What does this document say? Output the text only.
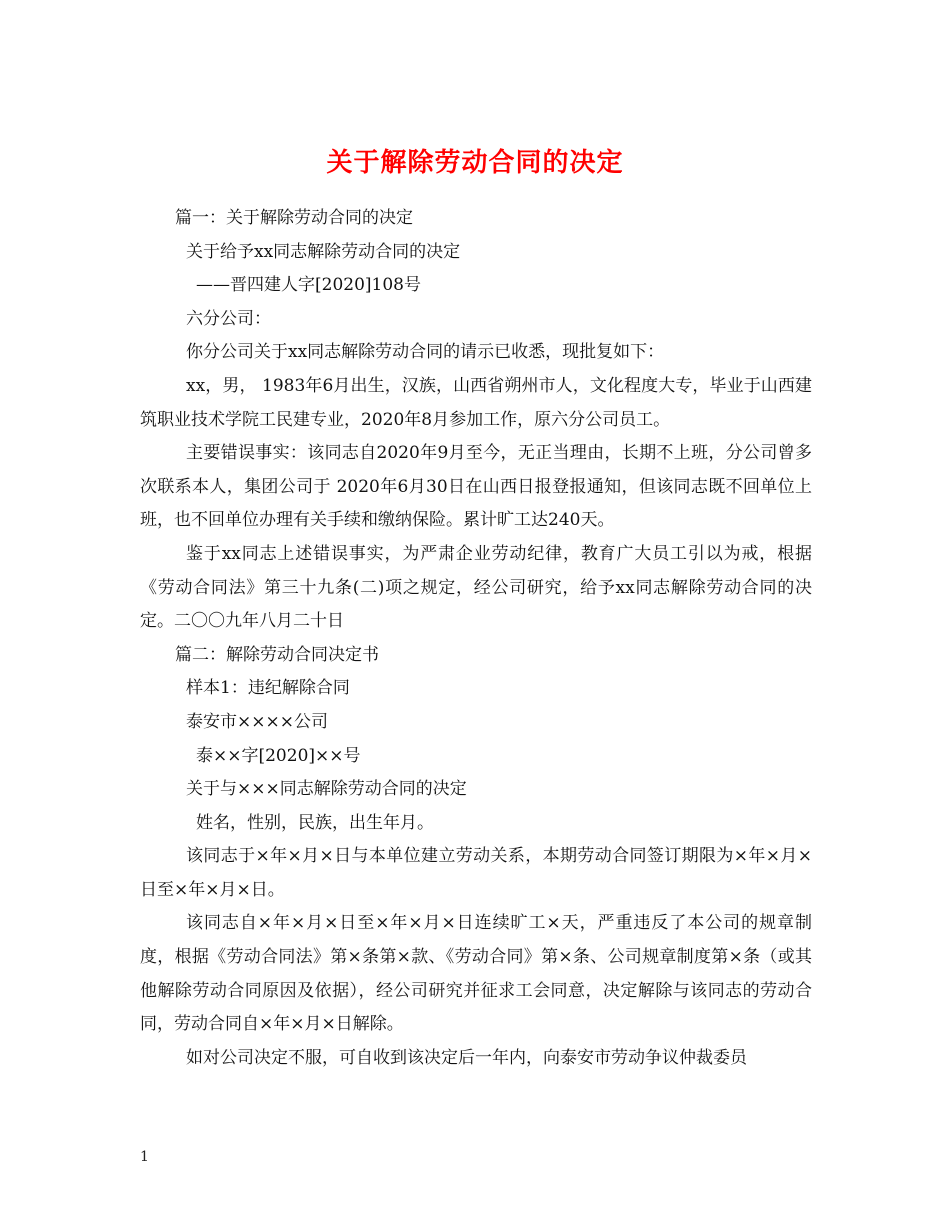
关于解除劳动合同的决定

篇一：关于解除劳动合同的决定

关于给予xx同志解除劳动合同的决定

——晋四建人字[2020]108号

六分公司：

你分公司关于xx同志解除劳动合同的请示已收悉，现批复如下：

xx，男， 1983年6月出生，汉族，山西省朔州市人，文化程度大专，毕业于山西建筑职业技术学院工民建专业，2020年8月参加工作，原六分公司员工。

主要错误事实：该同志自2020年9月至今，无正当理由，长期不上班，分公司曾多次联系本人，集团公司于 2020年6月30日在山西日报登报通知，但该同志既不回单位上班，也不回单位办理有关手续和缴纳保险。累计旷工达240天。

鉴于xx同志上述错误事实，为严肃企业劳动纪律，教育广大员工引以为戒，根据《劳动合同法》第三十九条(二)项之规定，经公司研究，给予xx同志解除劳动合同的决定。二〇〇九年八月二十日

篇二：解除劳动合同决定书

样本1：违纪解除合同

泰安市××××公司

泰××字[2020]××号

关于与×××同志解除劳动合同的决定

姓名，性别，民族，出生年月。

该同志于×年×月×日与本单位建立劳动关系，本期劳动合同签订期限为×年×月×日至×年×月×日。

该同志自×年×月×日至×年×月×日连续旷工×天，严重违反了本公司的规章制度，根据《劳动合同法》第×条第×款、《劳动合同》第×条、公司规章制度第×条（或其他解除劳动合同原因及依据），经公司研究并征求工会同意，决定解除与该同志的劳动合同，劳动合同自×年×月×日解除。

如对公司决定不服，可自收到该决定后一年内，向泰安市劳动争议仲裁委员

1
